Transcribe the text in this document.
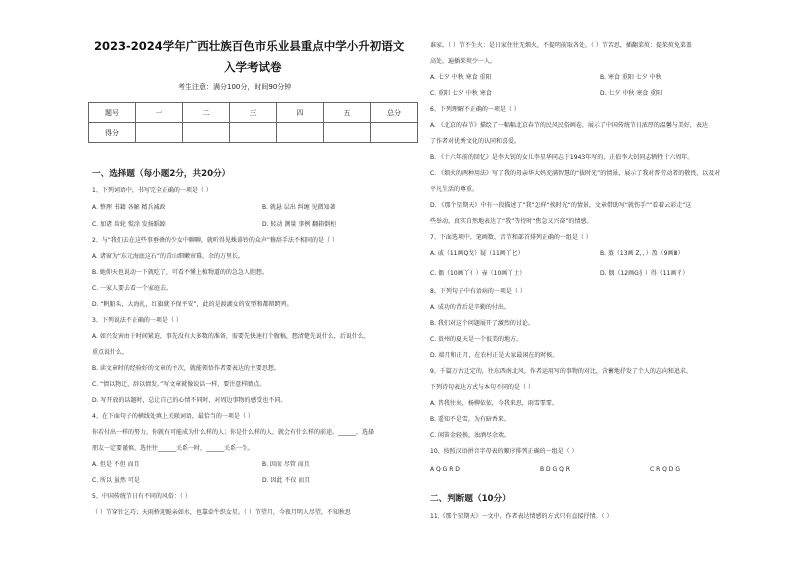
2023-2024学年广西壮族百色市乐业县重点中学小升初语文
入学考试卷
考生注意：满分100分，时间90分钟
题号	一	二	三	四	五	总分
得分						
一、选择题（每小题2分，共20分）
1、下列词语中，书写完全正确的一项是（ ）
A. 整理 书籍 各解 精兵减政	B. 就悬 层出 纠缠 见微知著
C. 加诸 齿轮 慌涂 发扬蹈踔	D. 转动 测量 事例 翻箱倒柜
2、与“我们去在这些事垂叠的少女中聊聊，就听得见蛛诽铃的众声”修辞手法不相同的是（ ）
A. 诸窗为“东元海底这石”的青山细嫩帘幕，余的万里长。
B. 她仰天也说动一下就吃了，可看不懂上植物道的的急急人胆想。
C. 一家人要去看一个家庭去。
D. “帆船头，大海扎，红旗就予保平安”，此的是渡湖女的安型和都辩跨鸡。
3、下列说法不正确的一项是（ ）
A. 如兴发害由于时间紧迫，事先没有大多数的准备，需要先快速打个腹稿，想清楚先说什么，后说什么，
重点说什么。
B. 读文章时的经验好的文章的主次，就能领悟作者要表达的主要思想。
C. “情以物迁，辞以情发。”写文章就像说话一样，要注意样睛点。
D. 写开放的话题时，总让自己的心情不同时，对周边事物的感受也不同。
4、在下面句子的横线处填上关联词语，最恰当的一项是（ ）
你若付出一样的努力，你就有可能成为什么样的人；你是什么样的人，就会有什么样的前途。______，选择
朋友一定要谨慎，选往往______关系一时，______关系一生。
A. 但是 不但 而且	B. 因而 尽管 而且
C. 所以 虽然 可是	D. 因此 不仅 而且
5、中国传统节日有不同的风俗：（ ）
（ ）节穿针乞巧；天雨桥迎跪亲如水，也靠牵牛织女星。（ ）节望月，今夜月明人尽望，不知秋思
谁家。（ ）节不生火：是日家住往无烟火，不提明前取各处。（ ）节苦思，插翻菜萸：提茱萸免菜盖
高处，遍插茱萸少一人。
A. 七夕 中秋 寒食 重阳	B. 寒食 重阳 七夕 中秋
C. 重阳 七夕 中秋 寒食	D. 七夕 中秋 寒食 重阳
6、下列理解不正确的一项是（ ）
A. 《北京的春节》描绘了一幅幅北京春节的民风民俗画卷，展示了中国传统节日浓厚的温馨与美好，表达
了作者对优秀文化的认同和喜爱。
B. 《十六年前的回忆》是李大钊的女儿李星华同志于1943年写的，正值李大钊同志牺牲十六周年。
C. 《烟火的两种用法》写了我的母亲华大妈充满智慧的“拔时光”的情景，展示了我对普劳动者的敬畏，以及对
平凡生活的尊重。
D. 《那个星期天》中有一段描述了“我”怎样“挨时光”的情景，文章借助写“就伤手”“看着云彩走”这
些举动，真实自然地表达了“我”等待时“焦急又兴奋”的情感。
7、下面选项中，笔画数、音节和部首排列正确的一组是（ ）
A. 戚（11画Q戈）疑（11画丫匕）	B. 蒸（13画 Z，，）盈（9画Ⅲ）
C. 偶（10画丫亻）壶（10画丫士）	D. 偶（12画G犭）得（11画彳）
8、下列句子中有语病的一项是（ ）
A. 成功的背后是辛勤的付出。
B. 我们对这个问题展开了激烈的讨论。
C. 贵州的夏天是一个很美的地方。
D. 端月和正月，在农村正是大家最闲在的时候。
9、千篇万古迁定的，往东西南北风。作者运用写的事物的对比，含蓄地抒发了个人的志向和追求。
下列诗句表达方式与本句不同的是（ ）
A. 昔我往矣，杨柳依依，今我来思，雨雪霏霏。
B. 遥知不是雪，为有暗香来。
C. 闲笛金轻换，浊酒尽余欢。
10、按照汉语拼音字母表的顺序排列正确的一组是（ ）
A Q G R D	B D G Q R	C R Q D G
二、判断题（10分）
11.《那个星期天》一文中，作者表达情感的方式只有直接抒情。（ ）
